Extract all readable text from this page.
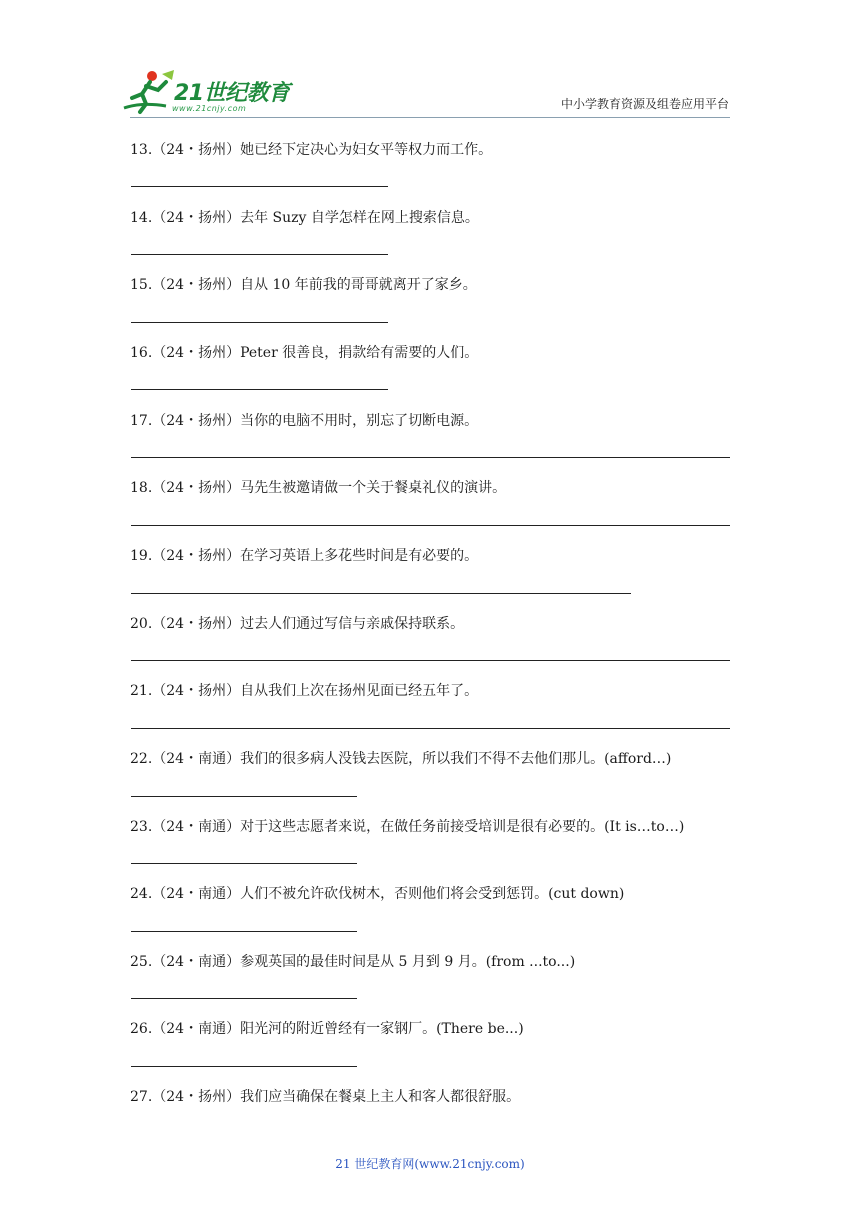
21世纪教育
www.21cnjy.com	中小学教育资源及组卷应用平台
13.（24・扬州）她已经下定决心为妇女平等权力而工作。
14.（24・扬州）去年 Suzy 自学怎样在网上搜索信息。
15.（24・扬州）自从 10 年前我的哥哥就离开了家乡。
16.（24・扬州）Peter 很善良，捐款给有需要的人们。
17.（24・扬州）当你的电脑不用时，别忘了切断电源。
18.（24・扬州）马先生被邀请做一个关于餐桌礼仪的演讲。
19.（24・扬州）在学习英语上多花些时间是有必要的。
20.（24・扬州）过去人们通过写信与亲戚保持联系。
21.（24・扬州）自从我们上次在扬州见面已经五年了。
22.（24・南通）我们的很多病人没钱去医院，所以我们不得不去他们那儿。(afford…)
23.（24・南通）对于这些志愿者来说，在做任务前接受培训是很有必要的。(It is…to…)
24.（24・南通）人们不被允许砍伐树木，否则他们将会受到惩罚。(cut down)
25.（24・南通）参观英国的最佳时间是从 5 月到 9 月。(from ...to...)
26.（24・南通）阳光河的附近曾经有一家钢厂。(There be...)
27.（24・扬州）我们应当确保在餐桌上主人和客人都很舒服。
21 世纪教育网(www.21cnjy.com)
